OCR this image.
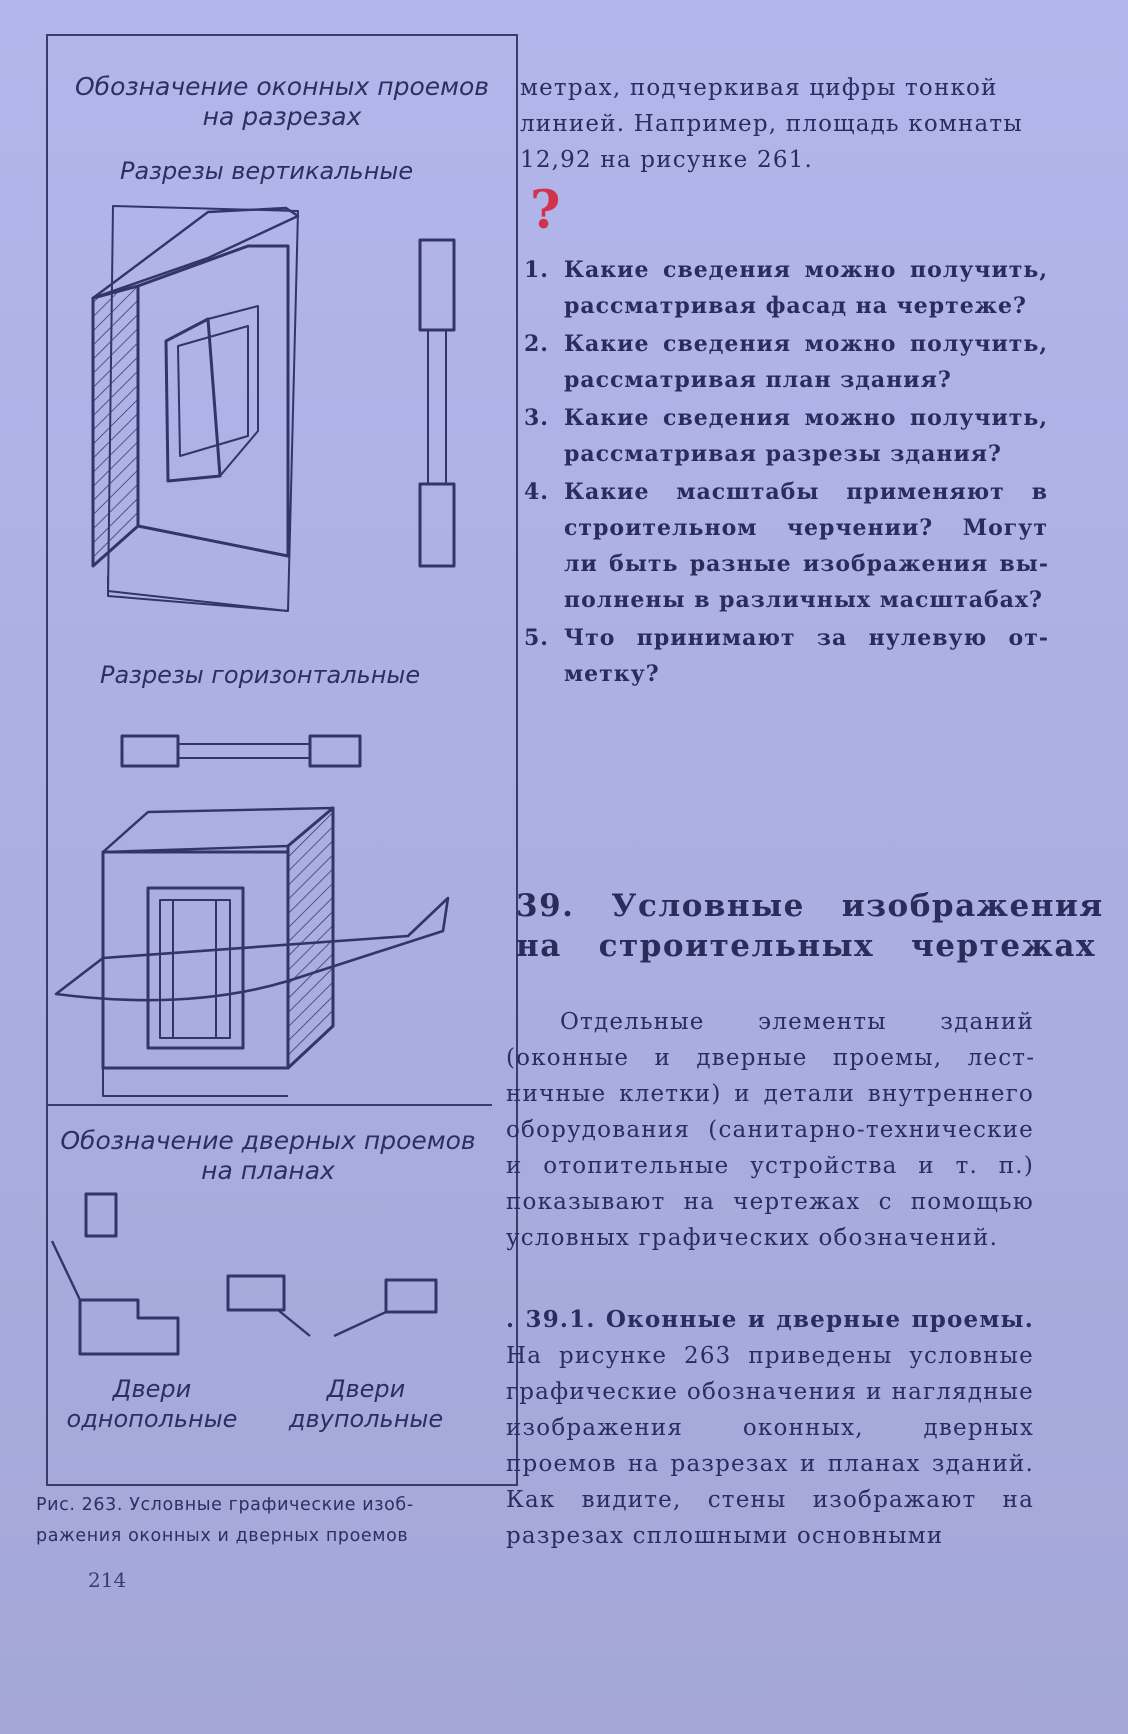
Обозначение оконных проемов
на разрезах
Разрезы вертикальные
Разрезы горизонтальные
Обозначение дверных проемов
на планах
Двери
однопольные
Двери
двупольные
Рис. 263. Условные графические изоб-
ражения оконных и дверных проемов
214
метрах, подчеркивая цифры тонкой
линией. Например, площадь комнаты
12,92 на рисунке 261.
?
1. Какие сведения можно получить, рассматривая фасад на чертеже?
2. Какие сведения можно получить, рассматривая план здания?
3. Какие сведения можно получить, рассматривая разрезы здания?
4. Какие масштабы применяют в строительном черчении? Могут ли быть разные изображения выполнены в различных масштабах?
5. Что принимают за нулевую отметку?
39.   Условные   изображения
на   строительных   чертежах
Отдельные элементы зданий (оконные и дверные проемы, лестничные клетки) и детали внутреннего оборудования (санитарно-технические и отопительные устройства и т. п.) показывают на чертежах с помощью условных графических обозначений.
. 39.1. Оконные и дверные проемы. На рисунке 263 приведены условные графические обозначения и наглядные изображения оконных, дверных проемов на разрезах и планах зданий. Как видите, стены изображают на разрезах сплошными основными
